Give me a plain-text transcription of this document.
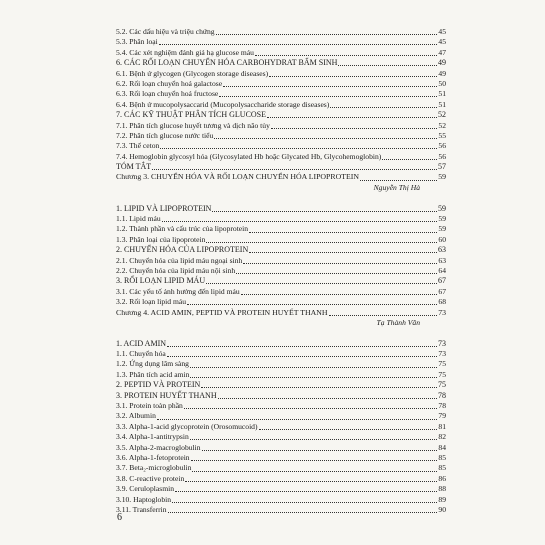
5.2. Các dấu hiệu và triệu chứng	45
5.3. Phân loại	45
5.4. Các xét nghiệm đánh giá hạ glucose máu	47
6. CÁC RỐI LOẠN CHUYỂN HÓA CARBOHYDRAT BẨM SINH	49
6.1. Bệnh ứ glycogen (Glycogen storage diseases)	49
6.2. Rối loạn chuyển hoá galactose	50
6.3. Rối loạn chuyển hoá fructose	51
6.4. Bệnh ứ mucopolysaccarid (Mucopolysaccharide storage diseases)	51
7. CÁC KỸ THUẬT PHÂN TÍCH GLUCOSE	52
7.1. Phân tích glucose huyết tương và dịch não tủy	52
7.2. Phân tích glucose nước tiểu	55
7.3. Thể ceton	56
7.4. Hemoglobin glycosyl hóa (Glycosylated Hb hoặc Glycated Hb, Glycohemoglobin)	56
TÓM TẮT	57
Chương 3. CHUYỂN HÓA VÀ RỐI LOẠN CHUYỂN HÓA LIPOPROTEIN	59
Nguyễn Thị Hà
1. LIPID VÀ LIPOPROTEIN	59
1.1. Lipid máu	59
1.2. Thành phần và cấu trúc của lipoprotein	59
1.3. Phân loại của lipoprotein	60
2. CHUYỂN HÓA CỦA LIPOPROTEIN	63
2.1. Chuyển hóa của lipid máu ngoại sinh	63
2.2. Chuyển hóa của lipid máu nội sinh	64
3. RỐI LOẠN LIPID MÁU	67
3.1. Các yếu tố ảnh hưởng đến lipid máu	67
3.2. Rối loạn lipid máu	68
Chương 4. ACID AMIN, PEPTID VÀ PROTEIN HUYẾT THANH	73
Tạ Thành Văn
1. ACID AMIN	73
1.1. Chuyển hóa	73
1.2. Ứng dụng lâm sàng	75
1.3. Phân tích acid amin	75
2. PEPTID VÀ PROTEIN	75
3. PROTEIN HUYẾT THANH	78
3.1. Protein toàn phần	78
3.2. Albumin	79
3.3. Alpha-1-acid glycoprotein (Orosomucoid)	81
3.4. Alpha-1-antitrypsin	82
3.5. Alpha-2-macroglobulin	84
3.6. Alpha-1-fetoprotein	85
3.7. Beta₂-microglobulin	85
3.8. C-reactive protein	86
3.9. Ceruloplasmin	88
3.10. Haptoglobin	89
3.11. Transferrin	90
6
